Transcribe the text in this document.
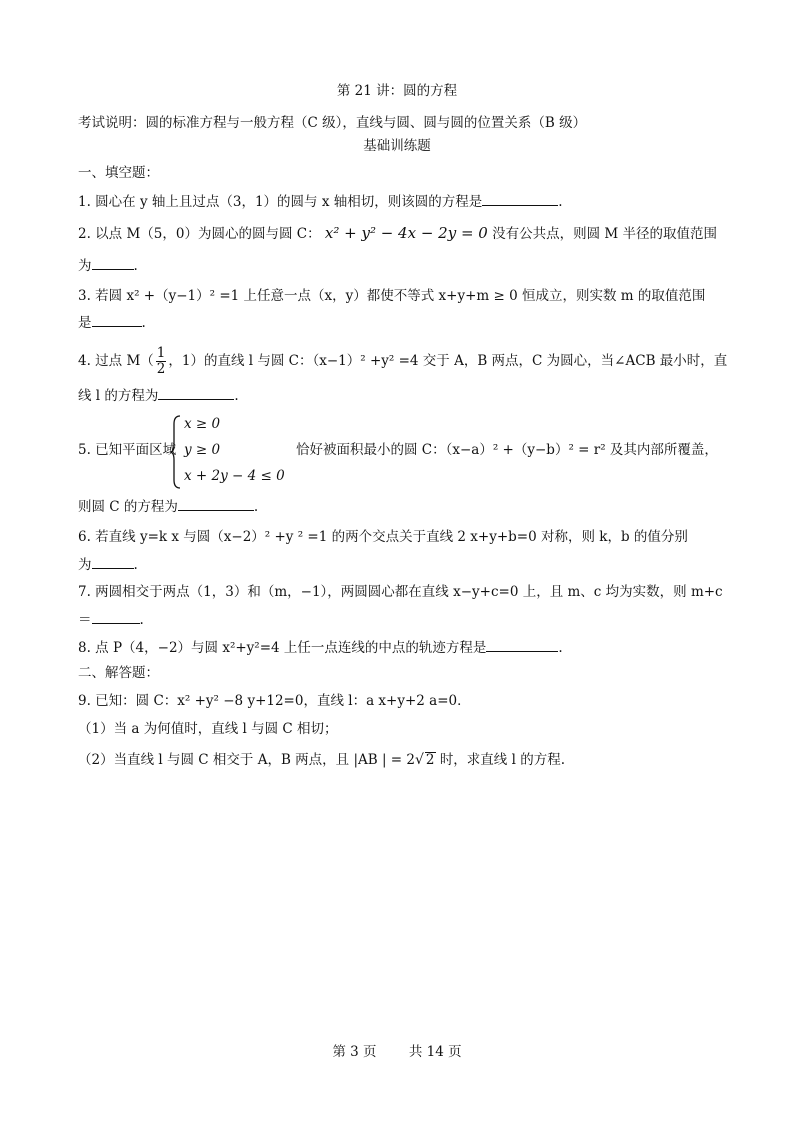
第 21 讲：圆的方程
考试说明：圆的标准方程与一般方程（C 级），直线与圆、圆与圆的位置关系（B 级）
基础训练题
一、填空题：
1. 圆心在 y 轴上且过点（3，1）的圆与 x 轴相切，则该圆的方程是	.
2. 以点 M（5，0）为圆心的圆与圆 C： x² + y² − 4x − 2y = 0 没有公共点，则圆 M 半径的取值范围
为	.
3. 若圆 x² +（y−1）² =1 上任意一点（x，y）都使不等式 x+y+m ≥ 0 恒成立，则实数 m 的取值范围
是	.
4. 过点 $M( \frac{1}{2}$ ，1）的直线 l 与圆 C：（x−1）² +y² =4 交于 A，B 两点，C 为圆心，当∠ACB 最小时，直
线 l 的方程为	.
5. 已知平面区域
x ≥ 0
y ≥ 0
x + 2y − 4 ≤ 0
恰好被面积最小的圆 C：（x−a）² +（y−b）² = r² 及其内部所覆盖，
则圆 C 的方程为	.
6. 若直线 y=k x 与圆（x−2）² +y ² =1 的两个交点关于直线 2 x+y+b=0 对称，则 k，b 的值分别
为	.
7. 两圆相交于两点（1，3）和（m，−1），两圆圆心都在直线 x−y+c=0 上，且 m、c 均为实数，则 m+c
＝	.
8. 点 P（4，−2）与圆 x²+y²=4 上任一点连线的中点的轨迹方程是	.
二、解答题：
9. 已知：圆 C：x² +y² −8 y+12=0，直线 l：a x+y+2 a=0．
（1）当 a 为何值时，直线 l 与圆 C 相切；
（2）当直线 l 与圆 C 相交于 A，B 两点，且 |AB | = 2√ 2 时，求直线 l 的方程.
第 3 页 共 14 页
